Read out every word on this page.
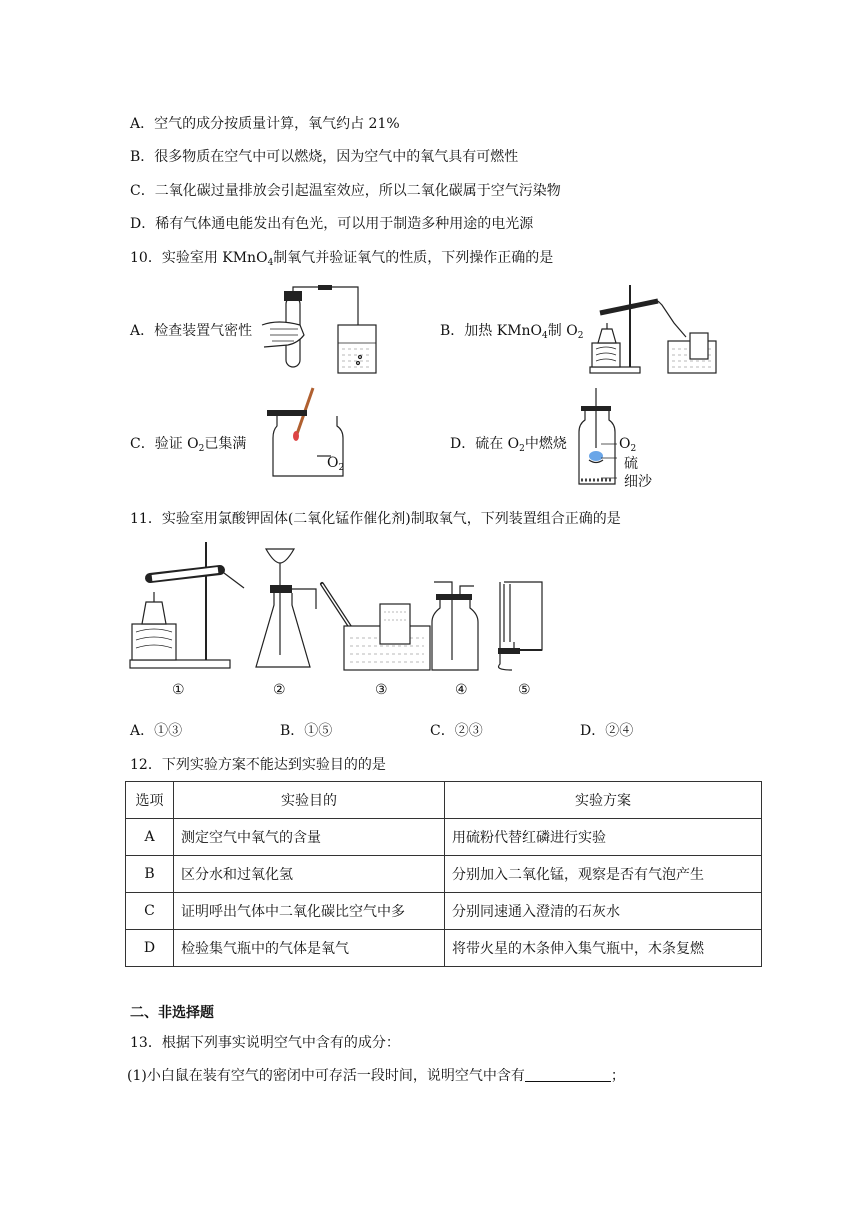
A．空气的成分按质量计算，氧气约占 21%
B．很多物质在空气中可以燃烧，因为空气中的氧气具有可燃性
C．二氧化碳过量排放会引起温室效应，所以二氧化碳属于空气污染物
D．稀有气体通电能发出有色光，可以用于制造多种用途的电光源
10．实验室用 KMnO$_4$制氧气并验证氧气的性质，下列操作正确的是
A．检查装置气密性	B．加热 KMnO$_4$制 $O_2$
C．验证 $O_2$已集满	D．硫在 $O_2$中燃烧
$O_2$
$O_2$
硫
细沙
11．实验室用氯酸钾固体(二氧化锰作催化剂)制取氧气，下列装置组合正确的是
①	②	③	④	⑤
A．①③	B．①⑤	C．②③	D．②④
12．下列实验方案不能达到实验目的的是
选项	实验目的	实验方案
A	测定空气中氧气的含量	用硫粉代替红磷进行实验
B	区分水和过氧化氢	分别加入二氧化锰，观察是否有气泡产生
C	证明呼出气体中二氧化碳比空气中多	分别同速通入澄清的石灰水
D	检验集气瓶中的气体是氧气	将带火星的木条伸入集气瓶中，木条复燃
二、非选择题
13．根据下列事实说明空气中含有的成分：
(1)小白鼠在装有空气的密闭中可存活一段时间，说明空气中含有	；
